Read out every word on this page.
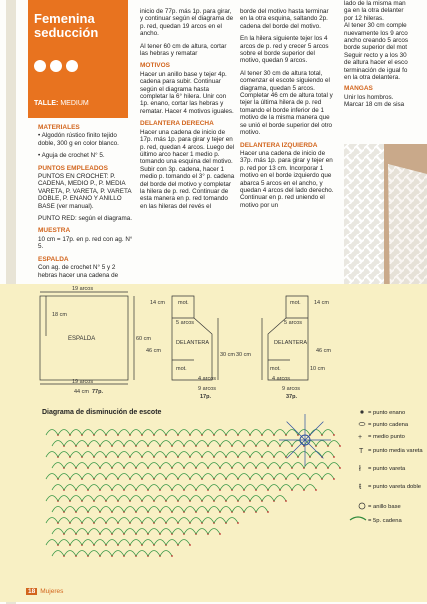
Femenina
seducción
TALLE: MEDIUM
MATERIALES

• Algodón rústico finito tejido doble, 300 g en color blanco.

• Aguja de crochet N° 5.

PUNTOS EMPLEADOS

PUNTOS EN CROCHET: P. CADENA, MEDIO P., P. MEDIA VARETA, P. VARETA, P. VARETA DOBLE, P. ENANO Y ANILLO BASE (ver manual).

PUNTO RED: según el diagrama.

MUESTRA

10 cm = 17p. en p. red con ag. N° 5.

ESPALDA

Con ag. de crochet N° 5 y 2 hebras hacer una cadena de

inicio de 77p. más 1p. para girar, y continuar según el diagrama de p. red, quedan 19 arcos en el ancho.

Al tener 60 cm de altura, cortar las hebras y rematar

MOTIVOS

Hacer un anillo base y tejer 4p. cadena para subir. Continuar según el diagrama hasta completar la 6° hilera. Unir con 1p. enano, cortar las hebras y rematar. Hacer 4 motivos iguales.

DELANTERA DERECHA

Hacer una cadena de inicio de 17p. más 1p. para girar y tejer en p. red, quedan 4 arcos. Luego del último arco hacer 1 medio p. tomando una esquina del motivo. Subir con 3p. cadena, hacer 1 medio p. tomando el 3° p. cadena del borde del motivo y completar la hilera de p. red. Continuar de esta manera en p. red tomando en las hileras del revés el

borde del motivo hasta terminar en la otra esquina, saltando 2p. cadena del borde del motivo.

En la hilera siguiente tejer los 4 arcos de p. red y crecer 5 arcos sobre el borde superior del motivo, quedan 9 arcos.

Al tener 30 cm de altura total, comenzar el escote siguiendo el diagrama, quedan 5 arcos. Completar 46 cm de altura total y tejer la última hilera de p. red tomando el borde inferior de 1 motivo de la misma manera que se unió el borde superior del otro motivo.

DELANTERA IZQUIERDA

Hacer una cadena de inicio de 37p. más 1p. para girar y tejer en p. red por 13 cm. Incorporar 1 motivo en el borde izquierdo que abarca 5 arcos en el ancho, y quedan 4 arcos del lado derecho. Continuar en p. red uniendo el motivo por un

lado de la misma man
ga en la otra delanter
por 12 hileras.
Al tener 30 cm comple
nuevamente los 9 arco
ancho creando 5 arcos
borde superior del mot
Seguir recto y a los 30
de altura hacer el esco
terminación de igual fo
en la otra delantera.
MANGAS
Unir los hombros.
Marcar 18 cm de sisa
19 arcos
18 cm
ESPALDA	60 cm
19 arcos
44 cm 77p.
14 cm mot.
5 arcos
DELANTERA
46 cm
mot.
4 arcos
30 cm
9 arcos
17p.
mot. 14 cm
5 arcos
DELANTERA
46 cm
30 cm
mot.	10 cm
4 arcos
9 arcos
37p.
Diagrama de disminución de escote	= punto enano
= punto cadena
+ = medio punto
T = punto media vareta
ł = punto vareta
ŧ = punto vareta doble
= anillo base
= 5p. cadena
18 Mujeres
